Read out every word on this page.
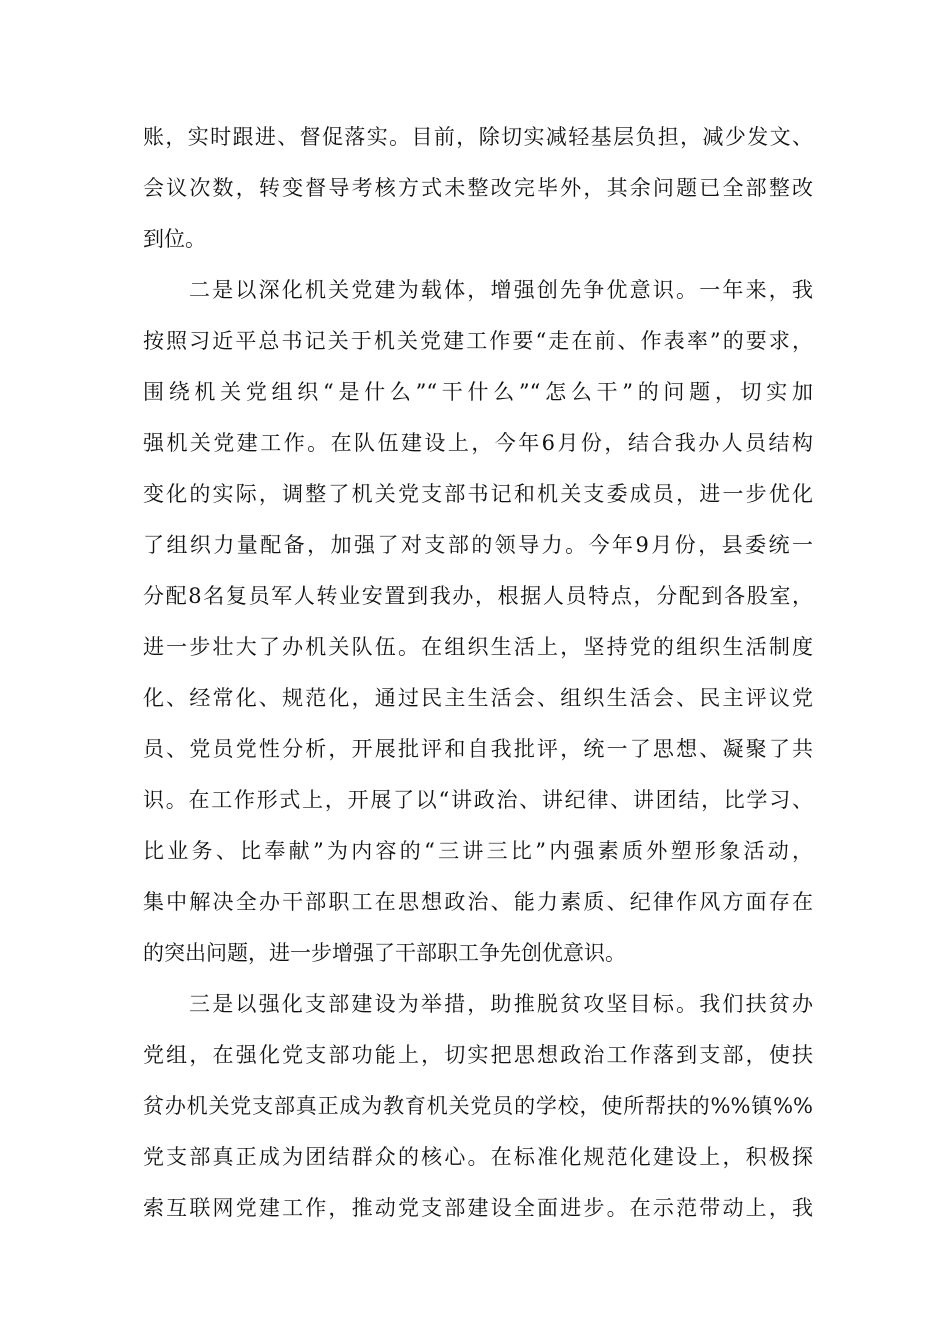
账，实时跟进、督促落实。目前，除切实减轻基层负担，减少发文、
会议次数，转变督导考核方式未整改完毕外，其余问题已全部整改
到位。
二是以深化机关党建为载体，增强创先争优意识。一年来，我
按照习近平总书记关于机关党建工作要“走在前、作表率”的要求，
围绕机关党组织“是什么”“干什么”“怎么干”的问题，切实加
强机关党建工作。在队伍建设上，今年6月份，结合我办人员结构
变化的实际，调整了机关党支部书记和机关支委成员，进一步优化
了组织力量配备，加强了对支部的领导力。今年9月份，县委统一
分配8名复员军人转业安置到我办，根据人员特点，分配到各股室，
进一步壮大了办机关队伍。在组织生活上，坚持党的组织生活制度
化、经常化、规范化，通过民主生活会、组织生活会、民主评议党
员、党员党性分析，开展批评和自我批评，统一了思想、凝聚了共
识。在工作形式上，开展了以“讲政治、讲纪律、讲团结，比学习、
比业务、比奉献”为内容的“三讲三比”内强素质外塑形象活动，
集中解决全办干部职工在思想政治、能力素质、纪律作风方面存在
的突出问题，进一步增强了干部职工争先创优意识。
三是以强化支部建设为举措，助推脱贫攻坚目标。我们扶贫办
党组，在强化党支部功能上，切实把思想政治工作落到支部，使扶
贫办机关党支部真正成为教育机关党员的学校，使所帮扶的%%镇%%
党支部真正成为团结群众的核心。在标准化规范化建设上，积极探
索互联网党建工作，推动党支部建设全面进步。在示范带动上，我
